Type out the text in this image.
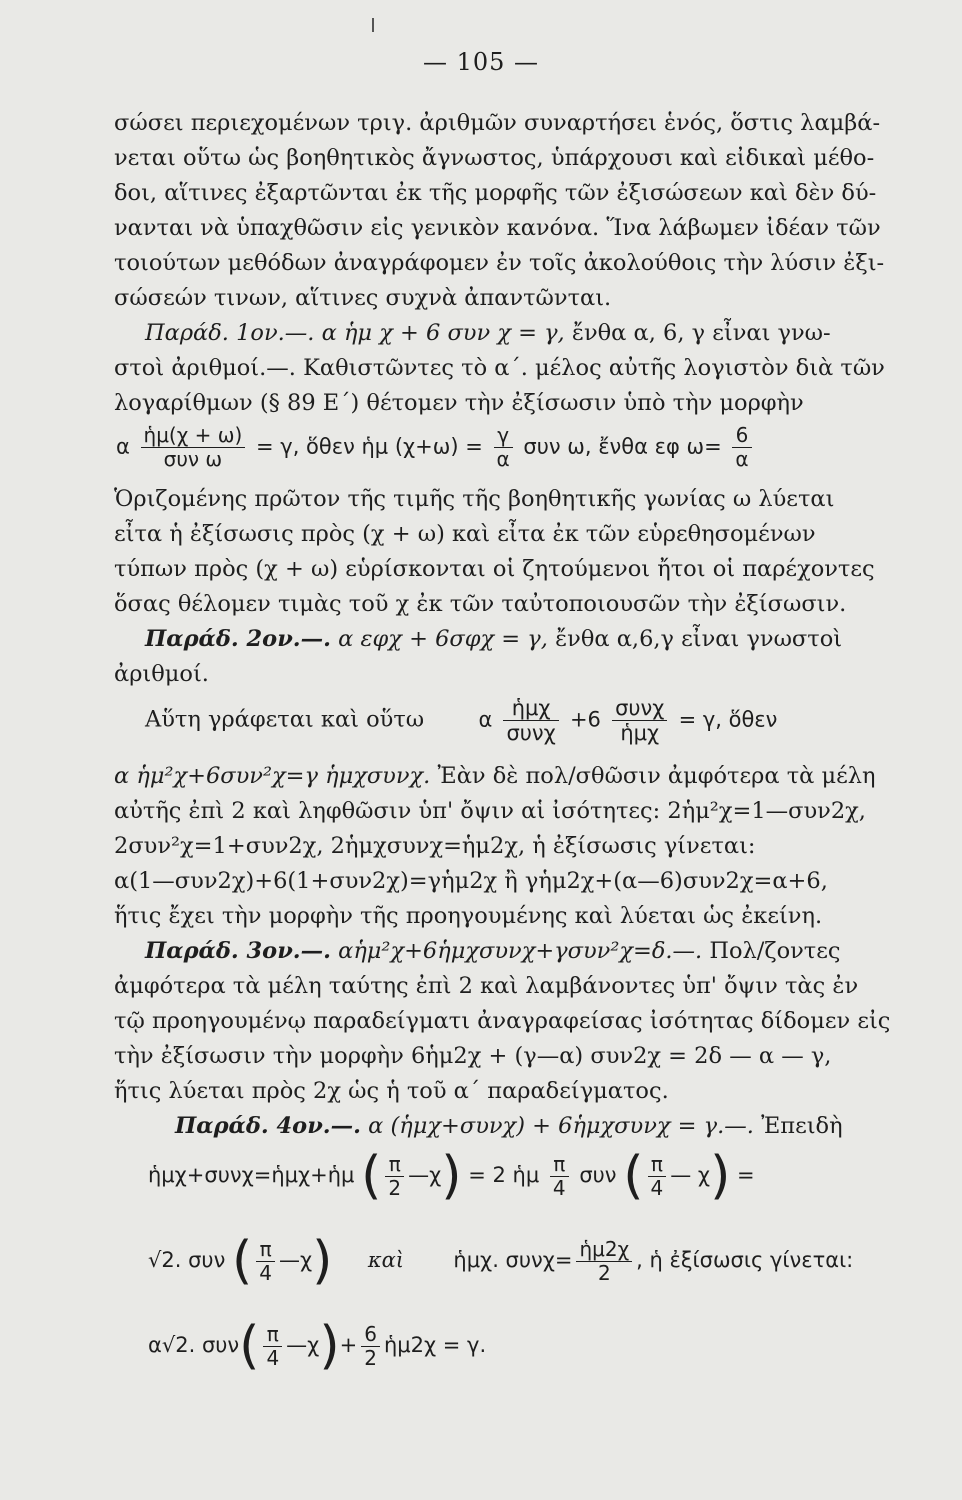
— 105 —
σώσει περιεχομένων τριγ. ἀριθμῶν συναρτήσει ἑνός, ὅστις λαμβά-
νεται οὕτω ὡς βοηθητικὸς ἄγνωστος, ὑπάρχουσι καὶ εἰδικαὶ μέθο-
δοι, αἵτινες ἐξαρτῶνται ἐκ τῆς μορφῆς τῶν ἐξισώσεων καὶ δὲν δύ-
νανται νὰ ὑπαχθῶσιν εἰς γενικὸν κανόνα. Ἵνα λάβωμεν ἰδέαν τῶν
τοιούτων μεθόδων ἀναγράφομεν ἐν τοῖς ἀκολούθοις τὴν λύσιν ἐξι-
σώσεών τινων, αἵτινες συχνὰ ἀπαντῶνται.
Παράδ. 1ον.—. α ἡμ χ + 6 συν χ = γ, ἔνθα α, 6, γ εἶναι γνω-
στοὶ ἀριθμοί.—. Καθιστῶντες τὸ α΄. μέλος αὐτῆς λογιστὸν διὰ τῶν
λογαρίθμων (§ 89 Ε΄) θέτομεν τὴν ἐξίσωσιν ὑπὸ τὴν μορφὴν
α $\frac{\text{ἡμ(χ + ω)}}{\text{συν ω}} = \gamma$, ὅθεν ἡμ $(\chi+\omega) = \frac{\gamma}{\alpha}$ συν ω, ἔνθα εφ $\omega= \frac{6}{\alpha}$
Ὁριζομένης πρῶτον τῆς τιμῆς τῆς βοηθητικῆς γωνίας ω λύεται
εἶτα ἡ ἐξίσωσις πρὸς (χ + ω) καὶ εἶτα ἐκ τῶν εὑρεθησομένων
τύπων πρὸς (χ + ω) εὑρίσκονται οἱ ζητούμενοι ἤτοι οἱ παρέχοντες
ὅσας θέλομεν τιμὰς τοῦ χ ἐκ τῶν ταὐτοποιουσῶν τὴν ἐξίσωσιν.
Παράδ. 2ον.—. α εφχ + 6σφχ = γ, ἔνθα α,6,γ εἶναι γνωστοὶ
ἀριθμοί.
Αὕτη γράφεται καὶ οὕτω	α $\frac{\text{ἡμχ}}{\text{συνχ}} +6 \frac{\text{συνχ}}{\text{ἡμχ}} = \gamma$, ὅθεν
α ἡμ²χ+6συν²χ=γ ἡμχσυνχ. Ἐὰν δὲ πολ/σθῶσιν ἀμφότερα τὰ μέλη
αὐτῆς ἐπὶ 2 καὶ ληφθῶσιν ὑπ' ὄψιν αἱ ἰσότητες: 2ἡμ²χ=1—συν2χ,
2συν²χ=1+συν2χ, 2ἡμχσυνχ=ἡμ2χ, ἡ ἐξίσωσις γίνεται:
α(1—συν2χ)+6(1+συν2χ)=γἡμ2χ ἢ γἡμ2χ+(α—6)συν2χ=α+6,
ἥτις ἔχει τὴν μορφὴν τῆς προηγουμένης καὶ λύεται ὡς ἐκείνη.
Παράδ. 3ον.—. αἡμ²χ+6ἡμχσυνχ+γσυν²χ=δ.—. Πολ/ζοντες
ἀμφότερα τὰ μέλη ταύτης ἐπὶ 2 καὶ λαμβάνοντες ὑπ' ὄψιν τὰς ἐν
τῷ προηγουμένῳ παραδείγματι ἀναγραφείσας ἰσότητας δίδομεν εἰς
τὴν ἐξίσωσιν τὴν μορφὴν 6ἡμ2χ + (γ—α) συν2χ = 2δ — α — γ,
ἥτις λύεται πρὸς 2χ ὡς ἡ τοῦ α΄ παραδείγματος.
Παράδ. 4ον.—. α (ἡμχ+συνχ) + 6ἡμχσυνχ = γ.—. Ἐπειδὴ
ἡμχ+συνχ=ἡμχ+ἡμ ( $\frac{\pi}{2}$ —χ) = 2 ἡμ $\frac{\pi}{4}$ συν ( $\frac{\pi}{4}$ — χ) =
√2. συν ( $\frac{\pi}{4}$ —χ) καὶ ἡμχ. $\sigma\upsilon\nu\chi= \frac{\text{ἡμ2χ}}{2}$ , ἡ ἐξίσωσις γίνεται:
α√2. $\sigma\upsilon\nu( \frac{\pi}{4}$ —χ)+ $\frac{6}{2}$ ἡμ2χ = γ.
